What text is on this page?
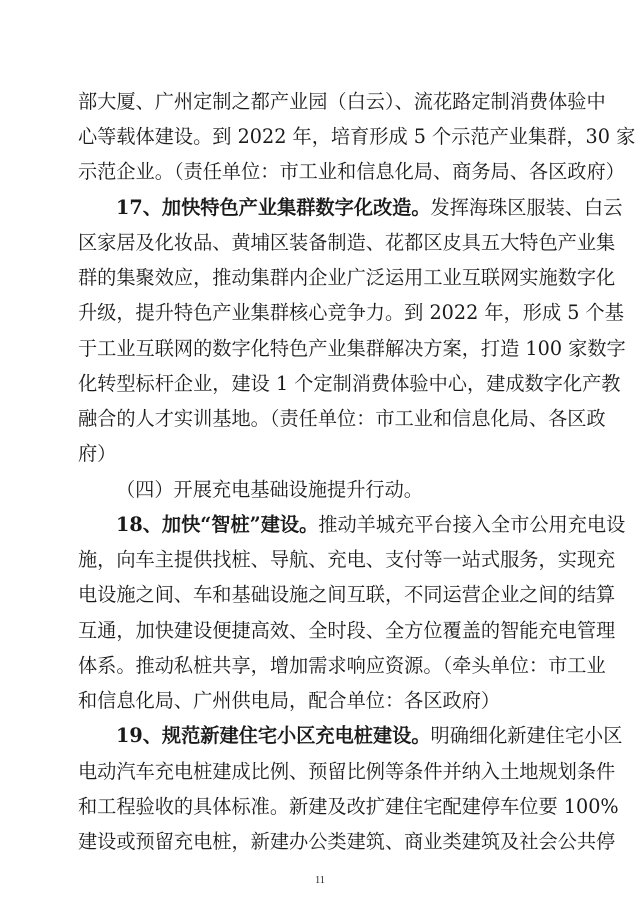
部大厦、广州定制之都产业园（白云）、流花路定制消费体验中
心等载体建设。到 2022 年，培育形成 5 个示范产业集群，30 家
示范企业。（责任单位：市工业和信息化局、商务局、各区政府）
17、加快特色产业集群数字化改造。发挥海珠区服装、白云
区家居及化妆品、黄埔区装备制造、花都区皮具五大特色产业集
群的集聚效应，推动集群内企业广泛运用工业互联网实施数字化
升级，提升特色产业集群核心竞争力。到 2022 年，形成 5 个基
于工业互联网的数字化特色产业集群解决方案，打造 100 家数字
化转型标杆企业，建设 1 个定制消费体验中心，建成数字化产教
融合的人才实训基地。（责任单位：市工业和信息化局、各区政
府）
（四）开展充电基础设施提升行动。
18、加快“智桩”建设。推动羊城充平台接入全市公用充电设
施，向车主提供找桩、导航、充电、支付等一站式服务，实现充
电设施之间、车和基础设施之间互联，不同运营企业之间的结算
互通，加快建设便捷高效、全时段、全方位覆盖的智能充电管理
体系。推动私桩共享，增加需求响应资源。（牵头单位：市工业
和信息化局、广州供电局，配合单位：各区政府）
19、规范新建住宅小区充电桩建设。明确细化新建住宅小区
电动汽车充电桩建成比例、预留比例等条件并纳入土地规划条件
和工程验收的具体标准。新建及改扩建住宅配建停车位要 100%
建设或预留充电桩，新建办公类建筑、商业类建筑及社会公共停
11
